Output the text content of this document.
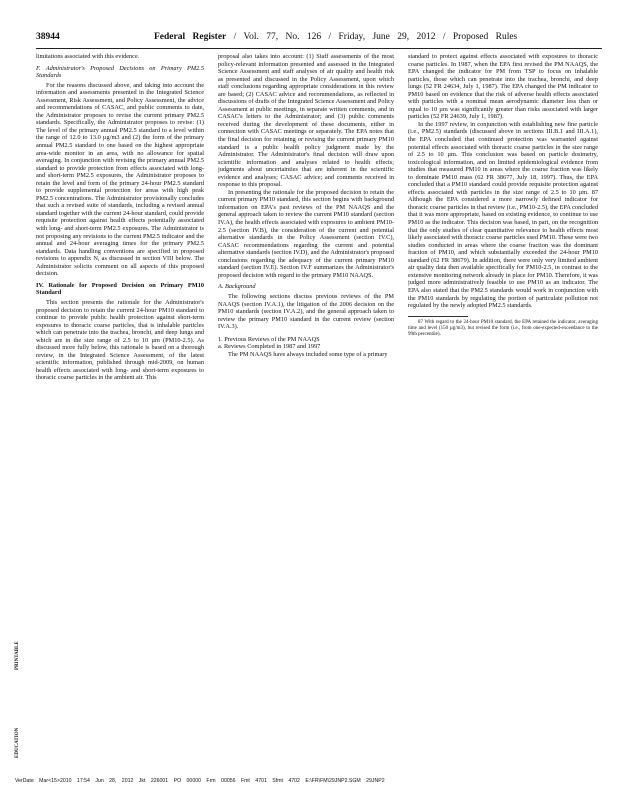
38944	Federal Register / Vol. 77, No. 126 / Friday, June 29, 2012 / Proposed Rules

limitations associated with this evidence.

F. Administrator's Proposed Decisions on Primary PM2.5 Standards

For the reasons discussed above, and taking into account the information and assessments presented in the Integrated Science Assessment, Risk Assessment, and Policy Assessment, the advice and recommendations of CASAC, and public comments to date, the Administrator proposes to revise the current primary PM2.5 standards. Specifically, the Administrator proposes to revise: (1) The level of the primary annual PM2.5 standard to a level within the range of 12.0 to 13.0 µg/m3 and (2) the form of the primary annual PM2.5 standard to one based on the highest appropriate area-wide monitor in an area, with no allowance for spatial averaging. In conjunction with revising the primary annual PM2.5 standard to provide protection from effects associated with long- and short-term PM2.5 exposures, the Administrator proposes to retain the level and form of the primary 24-hour PM2.5 standard to provide supplemental protection for areas with high peak PM2.5 concentrations. The Administrator provisionally concludes that such a revised suite of standards, including a revised annual standard together with the current 24-hour standard, could provide requisite protection against health effects potentially associated with long- and short-term PM2.5 exposures. The Administrator is not proposing any revisions to the current PM2.5 indicator and the annual and 24-hour averaging times for the primary PM2.5 standards. Data handling conventions are specified in proposed revisions to appendix N, as discussed in section VIII below. The Administrator solicits comment on all aspects of this proposed decision.

IV. Rationale for Proposed Decision on Primary PM10 Standard

This section presents the rationale for the Administrator's proposed decision to retain the current 24-hour PM10 standard to continue to provide public health protection against short-term exposures to thoracic coarse particles, that is inhalable particles which can penetrate into the trachea, bronchi, and deep lungs and which are in the size range of 2.5 to 10 µm (PM10-2.5). As discussed more fully below, this rationale is based on a thorough review, in the Integrated Science Assessment, of the latest scientific information, published through mid-2009, on human health effects associated with long- and short-term exposures to thoracic coarse particles in the ambient air. This

proposal also takes into account: (1) Staff assessments of the most policy-relevant information presented and assessed in the Integrated Science Assessment and staff analyses of air quality and health risk as presented and discussed in the Policy Assessment, upon which staff conclusions regarding appropriate considerations in this review are based; (2) CASAC advice and recommendations, as reflected in discussions of drafts of the Integrated Science Assessment and Policy Assessment at public meetings, in separate written comments, and in CASAC's letters to the Administrator; and (3) public comments received during the development of these documents, either in connection with CASAC meetings or separately. The EPA notes that the final decision for retaining or revising the current primary PM10 standard is a public health policy judgment made by the Administrator. The Administrator's final decision will draw upon scientific information and analyses related to health effects; judgments about uncertainties that are inherent in the scientific evidence and analyses; CASAC advice; and comments received in response to this proposal.

In presenting the rationale for the proposed decision to retain the current primary PM10 standard, this section begins with background information on EPA's past reviews of the PM NAAQS and the general approach taken to review the current PM10 standard (section IV.A), the health effects associated with exposures to ambient PM10-2.5 (section IV.B), the consideration of the current and potential alternative standards in the Policy Assessment (section IV.C), CASAC recommendations regarding the current and potential alternative standards (section IV.D), and the Administrator's proposed conclusions regarding the adequacy of the current primary PM10 standard (section IV.E). Section IV.F summarizes the Administrator's proposed decision with regard to the primary PM10 NAAQS.

A. Background

The following sections discuss previous reviews of the PM NAAQS (section IV.A.1), the litigation of the 2006 decision on the PM10 standards (section IV.A.2), and the general approach taken to review the primary PM10 standard in the current review (section IV.A.3).

1. Previous Reviews of the PM NAAQS

a. Reviews Completed in 1987 and 1997

The PM NAAQS have always included some type of a primary

standard to protect against effects associated with exposures to thoracic coarse particles. In 1987, when the EPA first revised the PM NAAQS, the EPA changed the indicator for PM from TSP to focus on inhalable particles, those which can penetrate into the trachea, bronchi, and deep lungs (52 FR 24634, July 1, 1987). The EPA changed the PM indicator to PM10 based on evidence that the risk of adverse health effects associated with particles with a nominal mean aerodynamic diameter less than or equal to 10 µm was significantly greater than risks associated with larger particles (52 FR 24639, July 1, 1987).

In the 1997 review, in conjunction with establishing new fine particle (i.e., PM2.5) standards (discussed above in sections III.B.1 and III.A.1), the EPA concluded that continued protection was warranted against potential effects associated with thoracic coarse particles in the size range of 2.5 to 10 µm. This conclusion was based on particle dosimetry, toxicological information, and on limited epidemiological evidence from studies that measured PM10 in areas where the coarse fraction was likely to dominate PM10 mass (62 FR 38677, July 18, 1997). Thus, the EPA concluded that a PM10 standard could provide requisite protection against effects associated with particles in the size range of 2.5 to 10 µm. 87 Although the EPA considered a more narrowly defined indicator for thoracic coarse particles in that review (i.e., PM10-2.5), the EPA concluded that it was more appropriate, based on existing evidence, to continue to use PM10 as the indicator. This decision was based, in part, on the recognition that the only studies of clear quantitative relevance to health effects most likely associated with thoracic coarse particles used PM10. These were two studies conducted in areas where the coarse fraction was the dominant fraction of PM10, and which substantially exceeded the 24-hour PM10 standard (62 FR 38679). In addition, there were only very limited ambient air quality data then available specifically for PM10-2.5, in contrast to the extensive monitoring network already in place for PM10. Therefore, it was judged more administratively feasible to use PM10 as an indicator. The EPA also stated that the PM2.5 standards would work in conjunction with the PM10 standards by regulating the portion of particulate pollution not regulated by the newly adopted PM2.5 standards.

87 With regard to the 24-hour PM10 standard, the EPA retained the indicator, averaging time and level (150 µg/m3), but revised the form (i.e., from one-expected-exceedance to the 99th percentile).

PRINTABLE
EDUCATION
VerDate Mar<15>2010 17:54 Jun 28, 2012 Jkt 226001 PO 00000 Frm 00056 Fmt 4701 Sfmt 4702 E:\FR\FM\29JNP2.SGM 29JNP2
